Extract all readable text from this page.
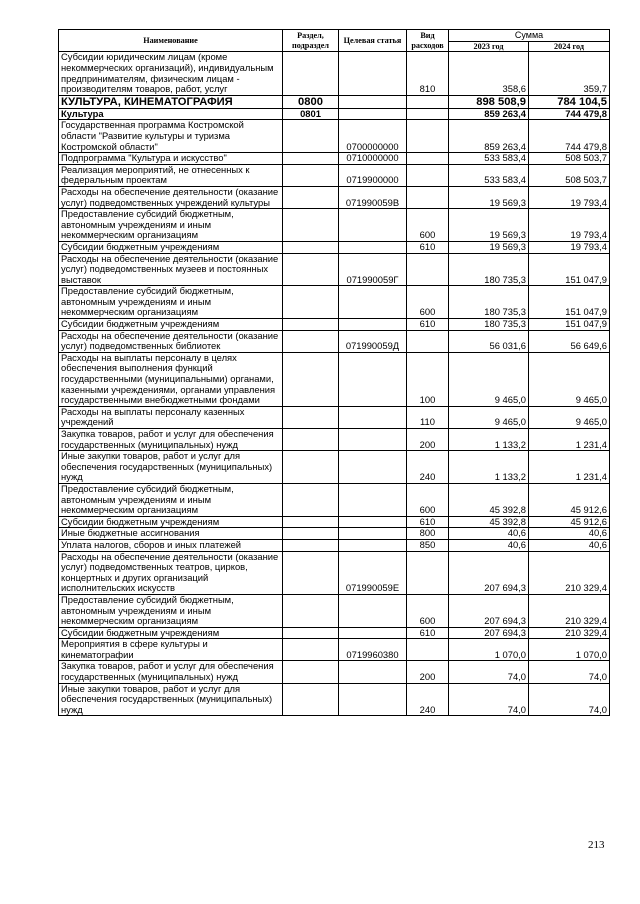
Наименование	Раздел, подраздел	Целевая статья	Вид расходов	Сумма	
				2023 год	2024 год
Субсидии юридическим лицам (кроме некоммерческих организаций), индивидуальным предпринимателям, физическим лицам - производителям товаров, работ, услуг			810	358,6	359,7
КУЛЬТУРА, КИНЕМАТОГРАФИЯ	0800			898 508,9	784 104,5
Культура	0801			859 263,4	744 479,8
Государственная программа Костромской области "Развитие культуры и туризма Костромской области"		0700000000		859 263,4	744 479,8
Подпрограмма "Культура и искусство"		0710000000		533 583,4	508 503,7
Реализация мероприятий, не отнесенных к федеральным проектам		0719900000		533 583,4	508 503,7
Расходы на обеспечение деятельности (оказание услуг) подведомственных учреждений культуры		071990059В		19 569,3	19 793,4
Предоставление субсидий бюджетным, автономным учреждениям и иным некоммерческим организациям			600	19 569,3	19 793,4
Субсидии бюджетным учреждениям			610	19 569,3	19 793,4
Расходы на обеспечение деятельности (оказание услуг) подведомственных музеев и постоянных выставок		071990059Г		180 735,3	151 047,9
Предоставление субсидий бюджетным, автономным учреждениям и иным некоммерческим организациям			600	180 735,3	151 047,9
Субсидии бюджетным учреждениям			610	180 735,3	151 047,9
Расходы на обеспечение деятельности (оказание услуг) подведомственных библиотек		071990059Д		56 031,6	56 649,6
Расходы на выплаты персоналу в целях обеспечения выполнения функций государственными (муниципальными) органами, казенными учреждениями, органами управления государственными внебюджетными фондами			100	9 465,0	9 465,0
Расходы на выплаты персоналу казенных учреждений			110	9 465,0	9 465,0
Закупка товаров, работ и услуг для обеспечения государственных (муниципальных) нужд			200	1 133,2	1 231,4
Иные закупки товаров, работ и услуг для обеспечения государственных (муниципальных) нужд			240	1 133,2	1 231,4
Предоставление субсидий бюджетным, автономным учреждениям и иным некоммерческим организациям			600	45 392,8	45 912,6
Субсидии бюджетным учреждениям			610	45 392,8	45 912,6
Иные бюджетные ассигнования			800	40,6	40,6
Уплата налогов, сборов и иных платежей			850	40,6	40,6
Расходы на обеспечение деятельности (оказание услуг) подведомственных театров, цирков, концертных и других организаций исполнительских искусств		071990059Е		207 694,3	210 329,4
Предоставление субсидий бюджетным, автономным учреждениям и иным некоммерческим организациям			600	207 694,3	210 329,4
Субсидии бюджетным учреждениям			610	207 694,3	210 329,4
Мероприятия в сфере культуры и кинематографии		0719960380		1 070,0	1 070,0
Закупка товаров, работ и услуг для обеспечения государственных (муниципальных) нужд			200	74,0	74,0
Иные закупки товаров, работ и услуг для обеспечения государственных (муниципальных) нужд			240	74,0	74,0
213
